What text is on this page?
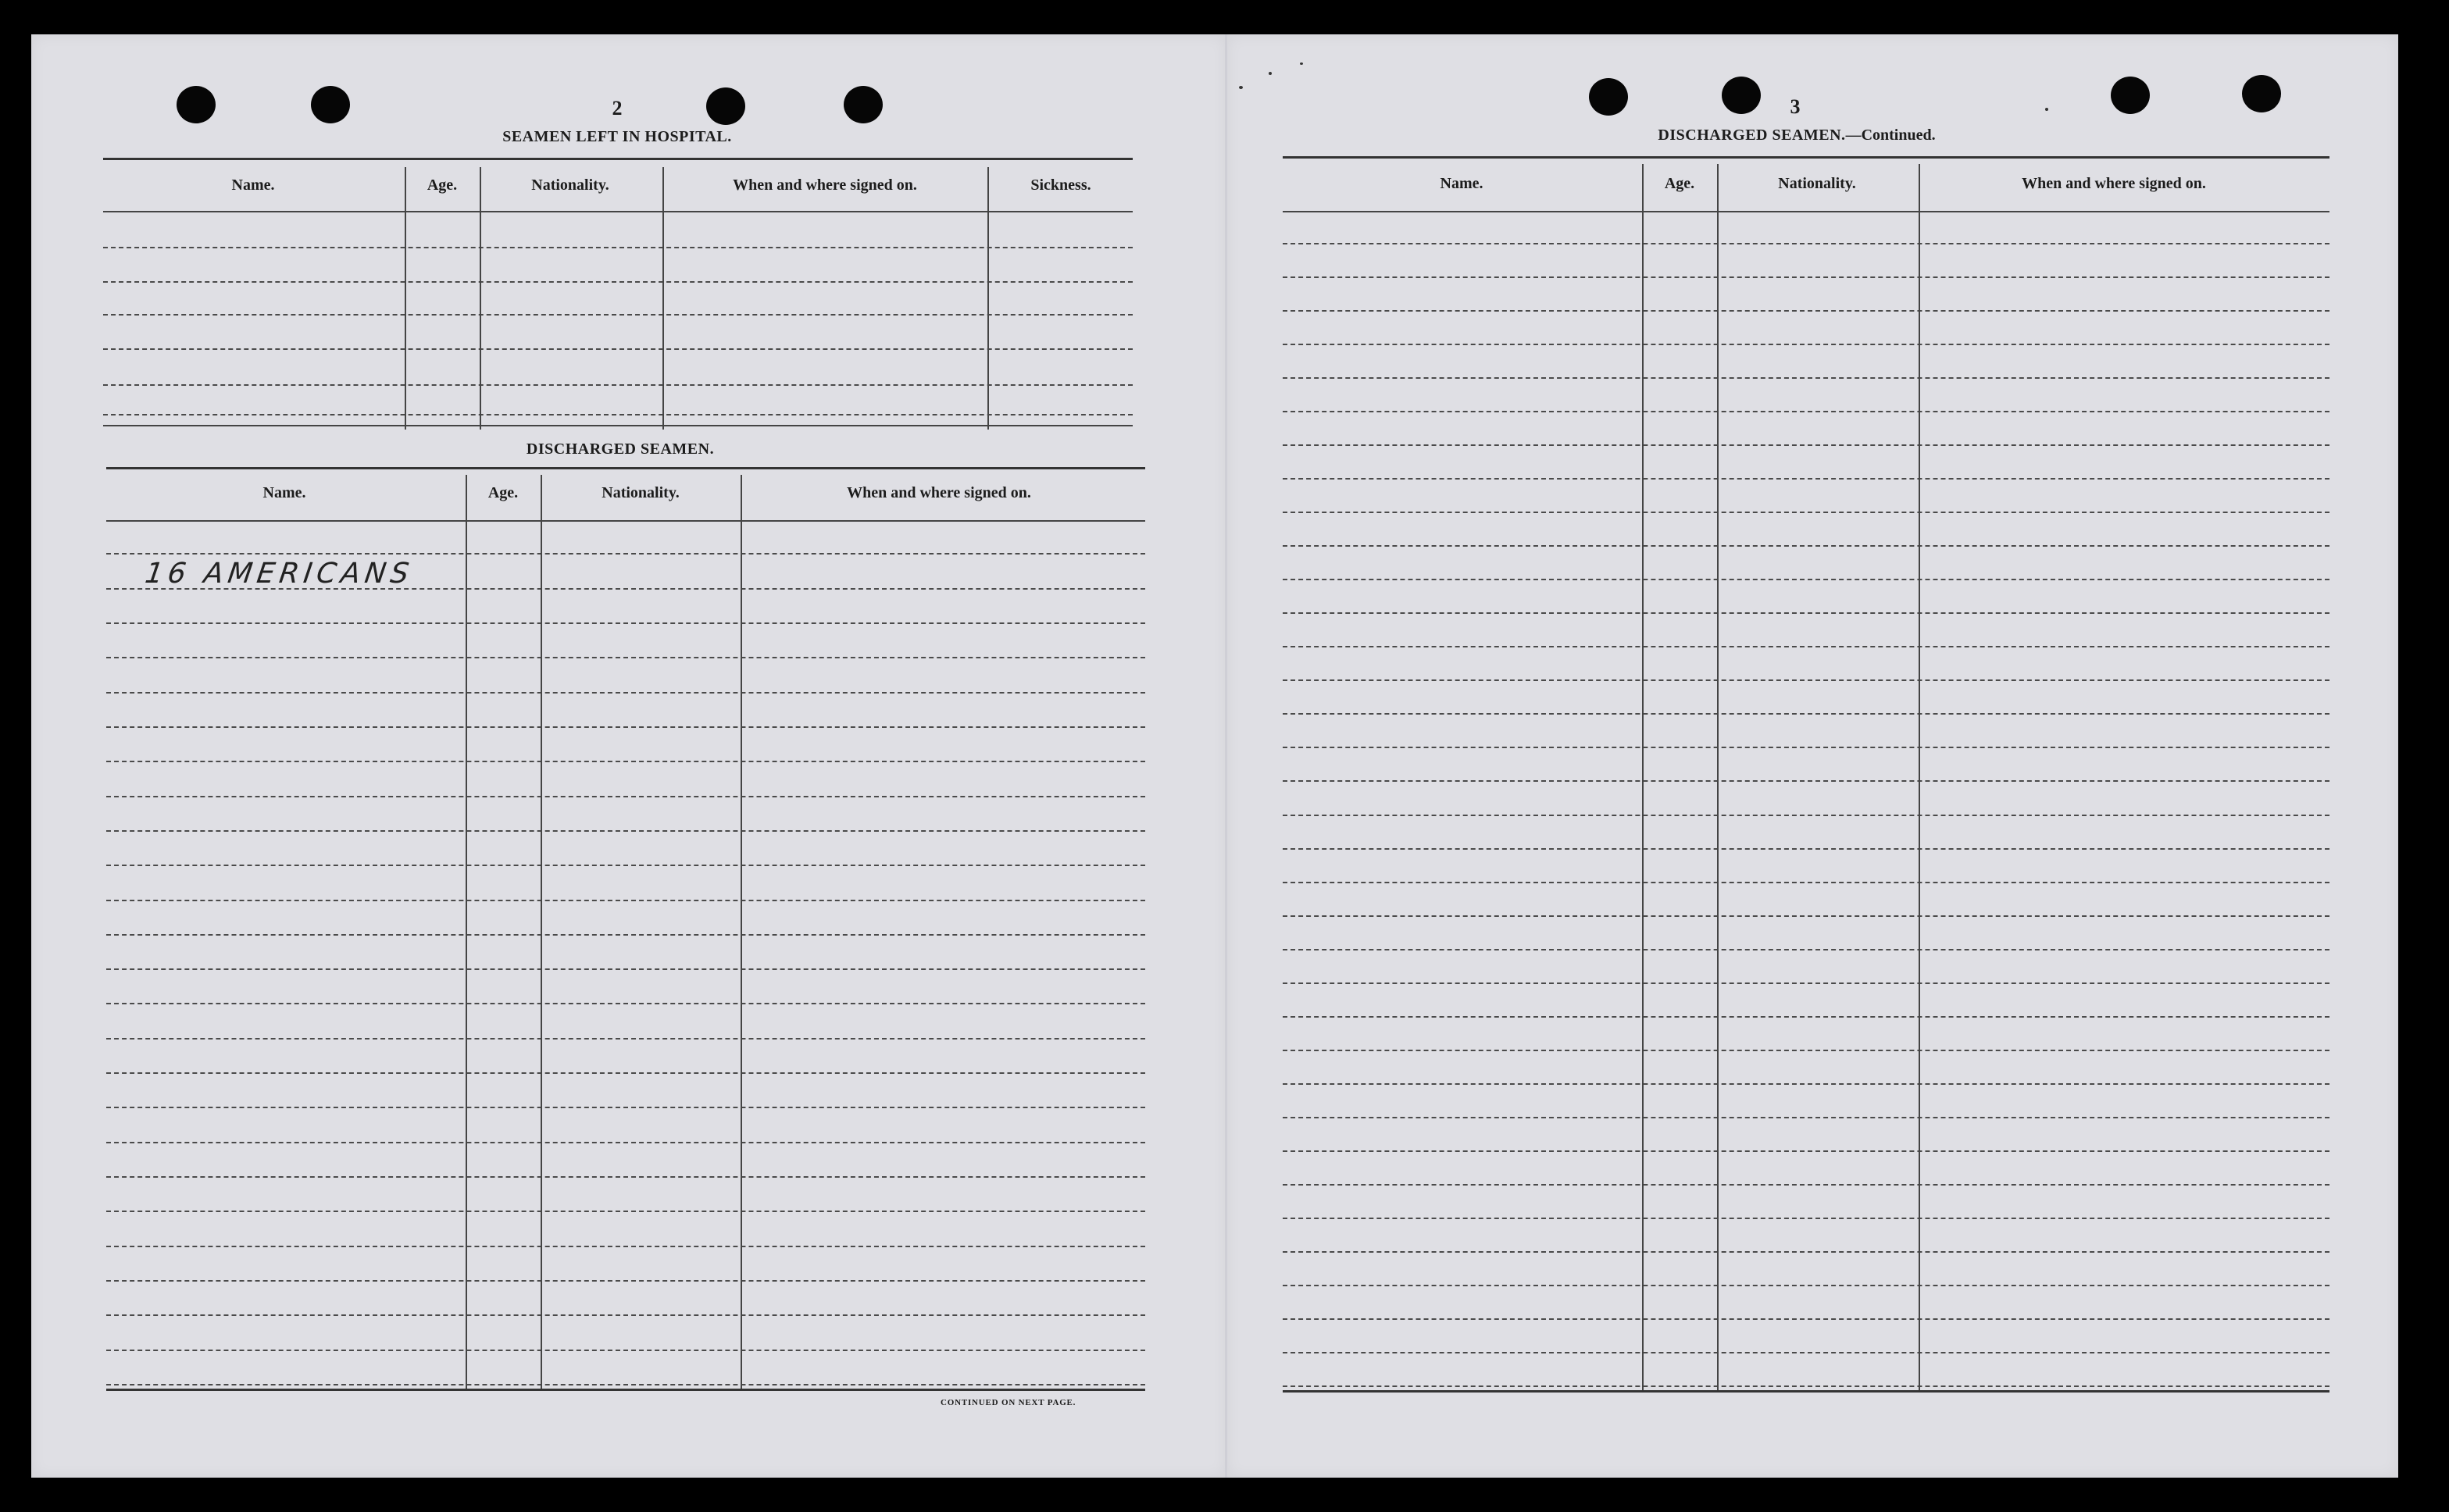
2
SEAMEN LEFT IN HOSPITAL.
Name.	Age.	Nationality.	When and where signed on.	Sickness.
DISCHARGED SEAMEN.
Name.	Age.	Nationality.	When and where signed on.
16 AMERICANS
CONTINUED ON NEXT PAGE.
3
DISCHARGED SEAMEN.—Continued.
Name.	Age.	Nationality.	When and where signed on.
